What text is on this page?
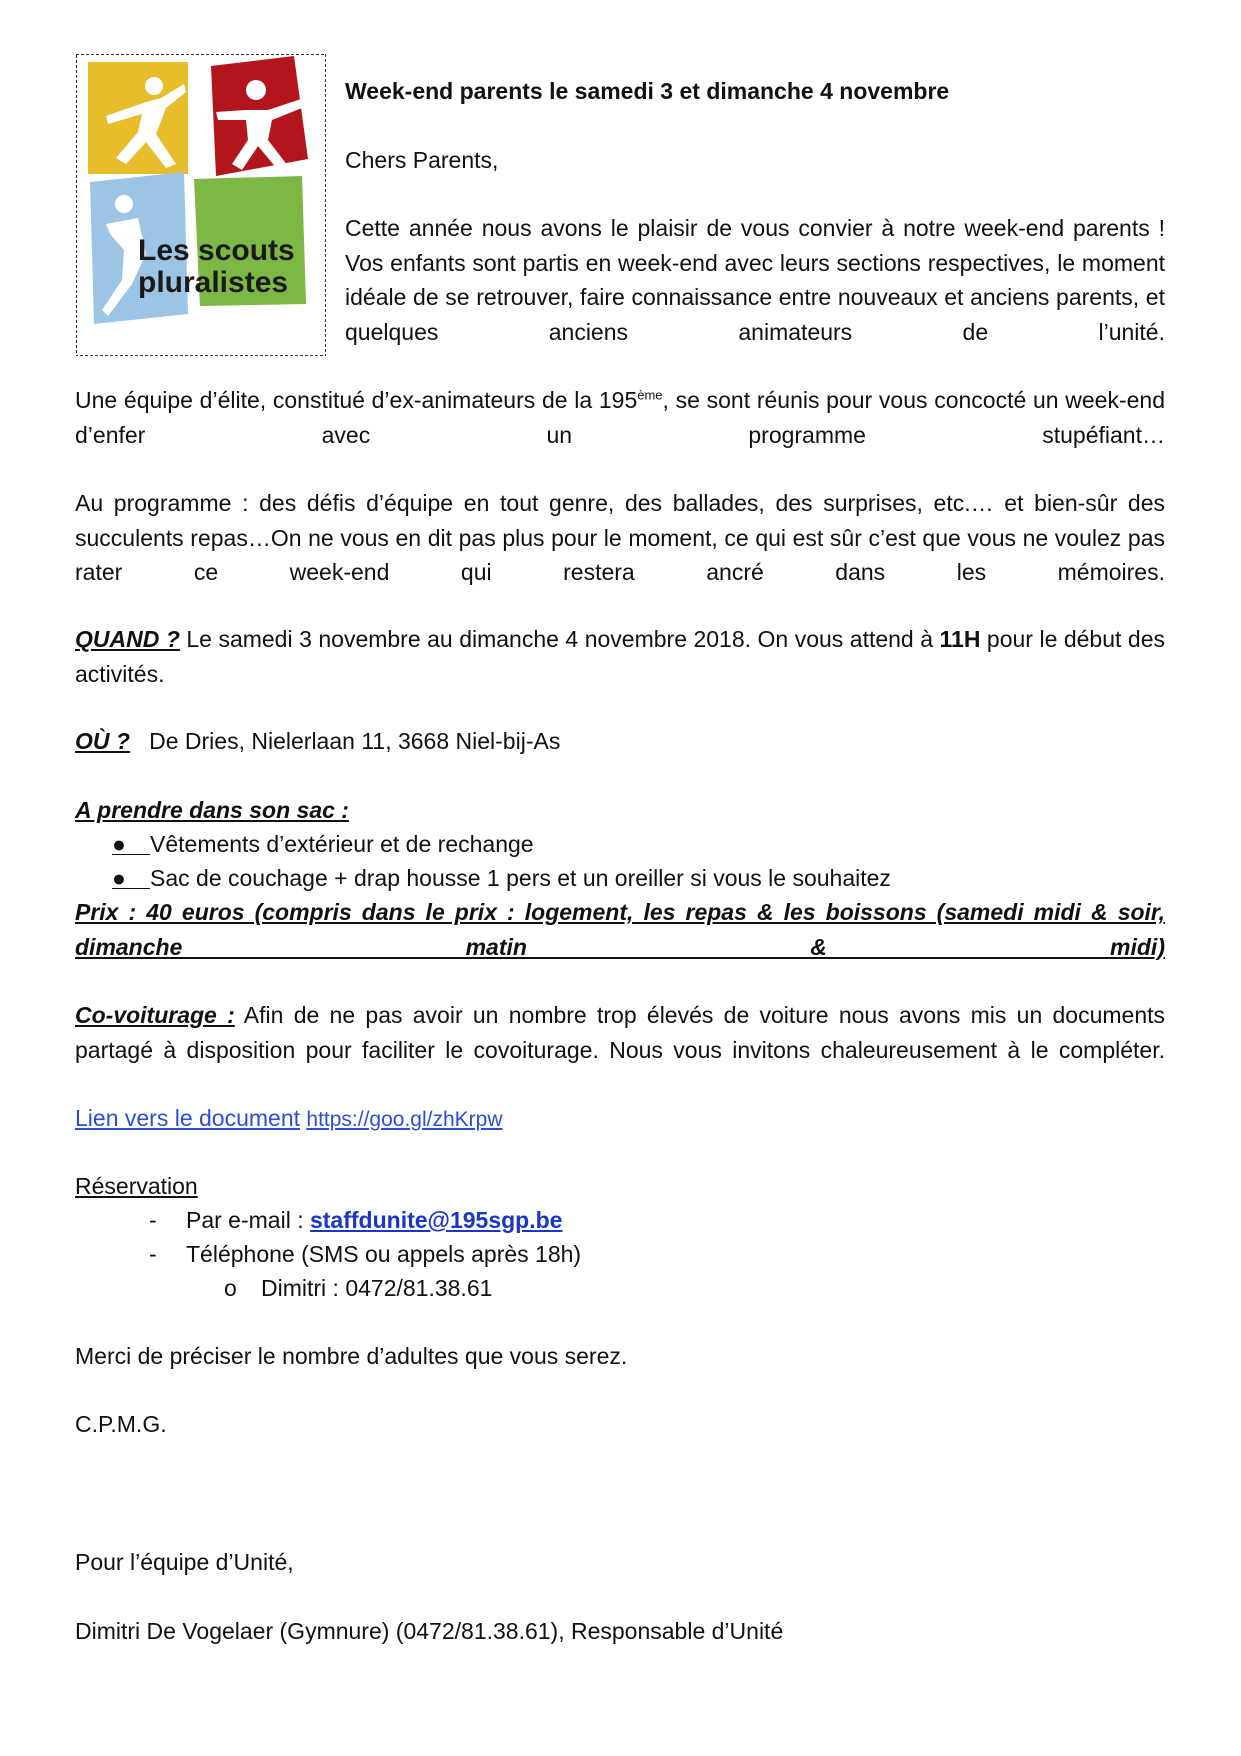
Les scouts
pluralistes
Week-end parents le samedi 3 et dimanche 4 novembre
Chers Parents,
Cette année nous avons le plaisir de vous convier à notre week-end parents ! Vos enfants sont partis en week-end avec leurs sections respectives, le moment idéale de se retrouver, faire connaissance entre nouveaux et anciens parents, et quelques anciens animateurs de l’unité.
Une équipe d’élite, constitué d’ex-animateurs de la 195ème, se sont réunis pour vous concocté un week-end d’enfer avec un programme stupéfiant…
Au programme : des défis d’équipe en tout genre, des ballades, des surprises, etc.… et bien-sûr des succulents repas…On ne vous en dit pas plus pour le moment, ce qui est sûr c’est que vous ne voulez pas rater ce week-end qui restera ancré dans les mémoires.
QUAND ? Le samedi 3 novembre au dimanche 4 novembre 2018. On vous attend à 11H pour le début des activités.
OÙ ? De Dries, Nielerlaan 11, 3668 Niel-bij-As
A prendre dans son sac :
● Vêtements d’extérieur et de rechange
● Sac de couchage + drap housse 1 pers et un oreiller si vous le souhaitez
Prix : 40 euros (compris dans le prix : logement, les repas & les boissons (samedi midi & soir, dimanche matin & midi)
Co-voiturage : Afin de ne pas avoir un nombre trop élevés de voiture nous avons mis un documents partagé à disposition pour faciliter le covoiturage. Nous vous invitons chaleureusement à le compléter.
Lien vers le document https://goo.gl/zhKrpw
Réservation
- Par e-mail : staffdunite@195sgp.be
- Téléphone (SMS ou appels après 18h)
o Dimitri : 0472/81.38.61
Merci de préciser le nombre d’adultes que vous serez.
C.P.M.G.
Pour l’équipe d’Unité,
Dimitri De Vogelaer (Gymnure) (0472/81.38.61), Responsable d’Unité
